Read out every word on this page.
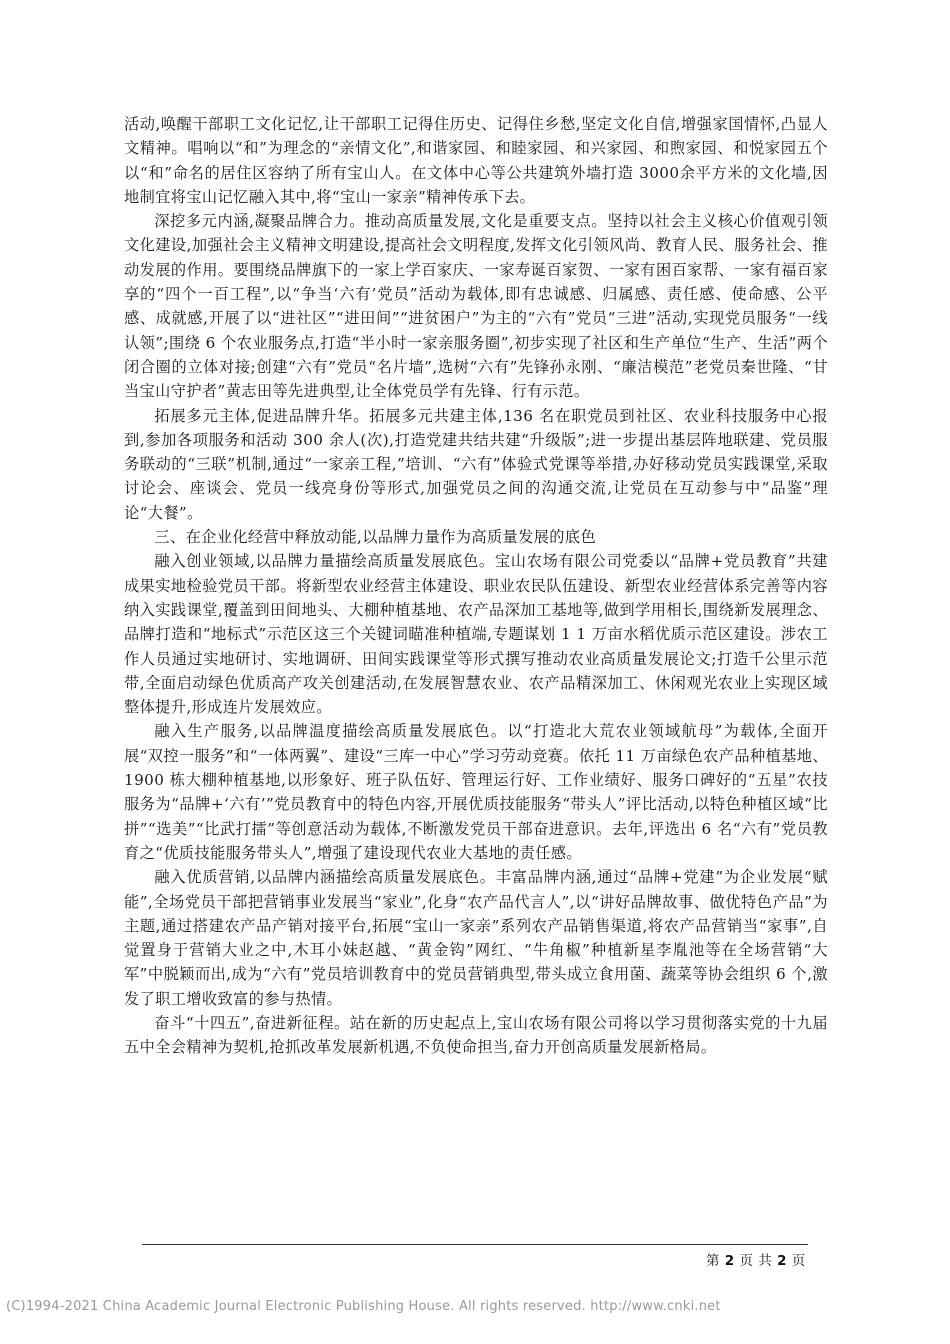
活动,唤醒干部职工文化记忆,让干部职工记得住历史、记得住乡愁,坚定文化自信,增强家国情怀,凸显人文精神。唱响以“和”为理念的“亲情文化”,和谐家园、和睦家园、和兴家园、和煦家园、和悦家园五个以“和”命名的居住区容纳了所有宝山人。在文体中心等公共建筑外墙打造 3000余平方米的文化墙,因地制宜将宝山记忆融入其中,将“宝山一家亲”精神传承下去。

深挖多元内涵,凝聚品牌合力。推动高质量发展,文化是重要支点。坚持以社会主义核心价值观引领文化建设,加强社会主义精神文明建设,提高社会文明程度,发挥文化引领风尚、教育人民、服务社会、推动发展的作用。要围绕品牌旗下的一家上学百家庆、一家寿诞百家贺、一家有困百家帮、一家有福百家享的“四个一百工程”,以“争当‘六有’党员”活动为载体,即有忠诚感、归属感、责任感、使命感、公平感、成就感,开展了以“进社区”“进田间”“进贫困户”为主的“六有”党员“三进”活动,实现党员服务“一线认领”;围绕 6 个农业服务点,打造“半小时一家亲服务圈”,初步实现了社区和生产单位“生产、生活”两个闭合圈的立体对接;创建“六有”党员“名片墙”,选树“六有”先锋孙永刚、“廉洁模范”老党员秦世隆、“甘当宝山守护者”黄志田等先进典型,让全体党员学有先锋、行有示范。

拓展多元主体,促进品牌升华。拓展多元共建主体,136 名在职党员到社区、农业科技服务中心报到,参加各项服务和活动 300 余人(次),打造党建共结共建“升级版”;进一步提出基层阵地联建、党员服务联动的“三联”机制,通过“一家亲工程,”培训、“六有”体验式党课等举措,办好移动党员实践课堂,采取讨论会、座谈会、党员一线亮身份等形式,加强党员之间的沟通交流,让党员在互动参与中“品鉴”理论“大餐”。

三、在企业化经营中释放动能,以品牌力量作为高质量发展的底色

融入创业领域,以品牌力量描绘高质量发展底色。宝山农场有限公司党委以“品牌+党员教育”共建成果实地检验党员干部。将新型农业经营主体建设、职业农民队伍建设、新型农业经营体系完善等内容纳入实践课堂,覆盖到田间地头、大棚种植基地、农产品深加工基地等,做到学用相长,围绕新发展理念、品牌打造和“地标式”示范区这三个关键词瞄准种植端,专题谋划 1 1 万亩水稻优质示范区建设。涉农工作人员通过实地研讨、实地调研、田间实践课堂等形式撰写推动农业高质量发展论文;打造千公里示范带,全面启动绿色优质高产攻关创建活动,在发展智慧农业、农产品精深加工、休闲观光农业上实现区域整体提升,形成连片发展效应。

融入生产服务,以品牌温度描绘高质量发展底色。以“打造北大荒农业领域航母”为载体,全面开展“双控一服务”和“一体两翼”、建设“三库一中心”学习劳动竞赛。依托 11 万亩绿色农产品种植基地、1900 栋大棚种植基地,以形象好、班子队伍好、管理运行好、工作业绩好、服务口碑好的“五星”农技服务为“品牌+‘六有’”党员教育中的特色内容,开展优质技能服务“带头人”评比活动,以特色种植区域“比拼”“选美”“比武打擂”等创意活动为载体,不断激发党员干部奋进意识。去年,评选出 6 名“六有”党员教育之“优质技能服务带头人”,增强了建设现代农业大基地的责任感。

融入优质营销,以品牌内涵描绘高质量发展底色。丰富品牌内涵,通过“品牌+党建”为企业发展“赋能”,全场党员干部把营销事业发展当“家业”,化身“农产品代言人”,以“讲好品牌故事、做优特色产品”为主题,通过搭建农产品产销对接平台,拓展“宝山一家亲”系列农产品销售渠道,将农产品营销当“家事”,自觉置身于营销大业之中,木耳小妹赵越、“黄金钩”网红、“牛角椒”种植新星李胤池等在全场营销“大军”中脱颖而出,成为“六有”党员培训教育中的党员营销典型,带头成立食用菌、蔬菜等协会组织 6 个,激发了职工增收致富的参与热情。

奋斗“十四五”,奋进新征程。站在新的历史起点上,宝山农场有限公司将以学习贯彻落实党的十九届五中全会精神为契机,抢抓改革发展新机遇,不负使命担当,奋力开创高质量发展新格局。

第 2 页 共 2 页
(C)1994-2021 China Academic Journal Electronic Publishing House. All rights reserved. http://www.cnki.net
